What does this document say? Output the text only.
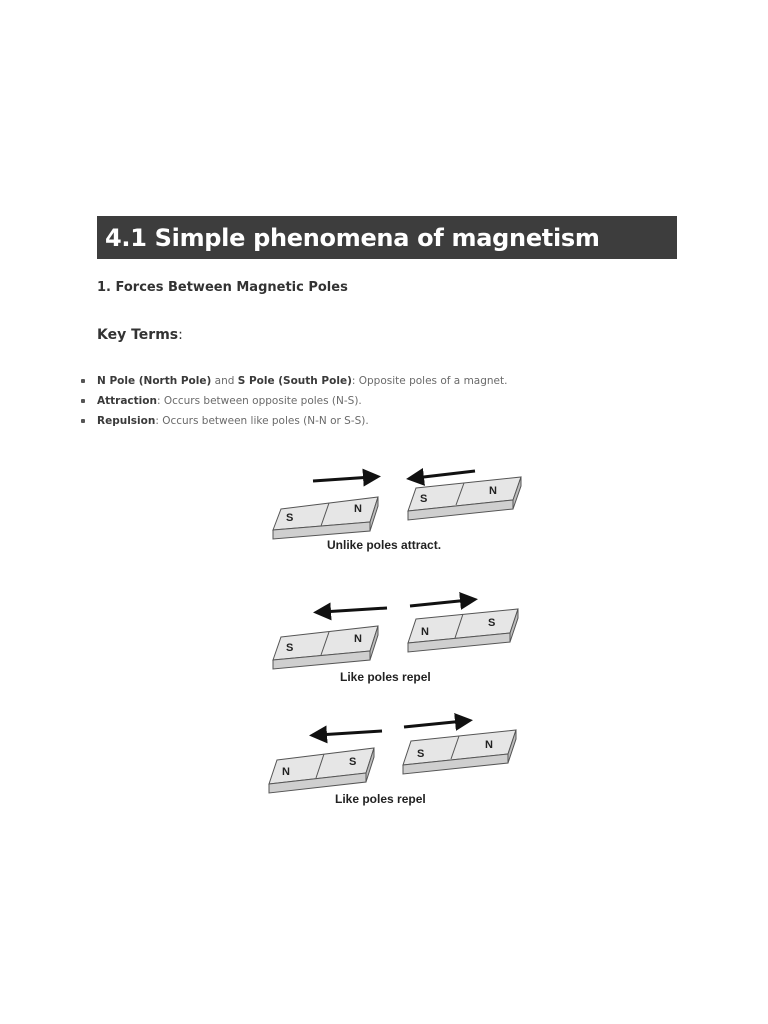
4.1 Simple phenomena of magnetism
1. Forces Between Magnetic Poles
Key Terms:
N Pole (North Pole) and S Pole (South Pole): Opposite poles of a magnet.
Attraction: Occurs between opposite poles (N-S).
Repulsion: Occurs between like poles (N-N or S-S).
S
N
S
N
S
N
N
S
N
S
S
N
Unlike poles attract.
Like poles repel
Like poles repel
